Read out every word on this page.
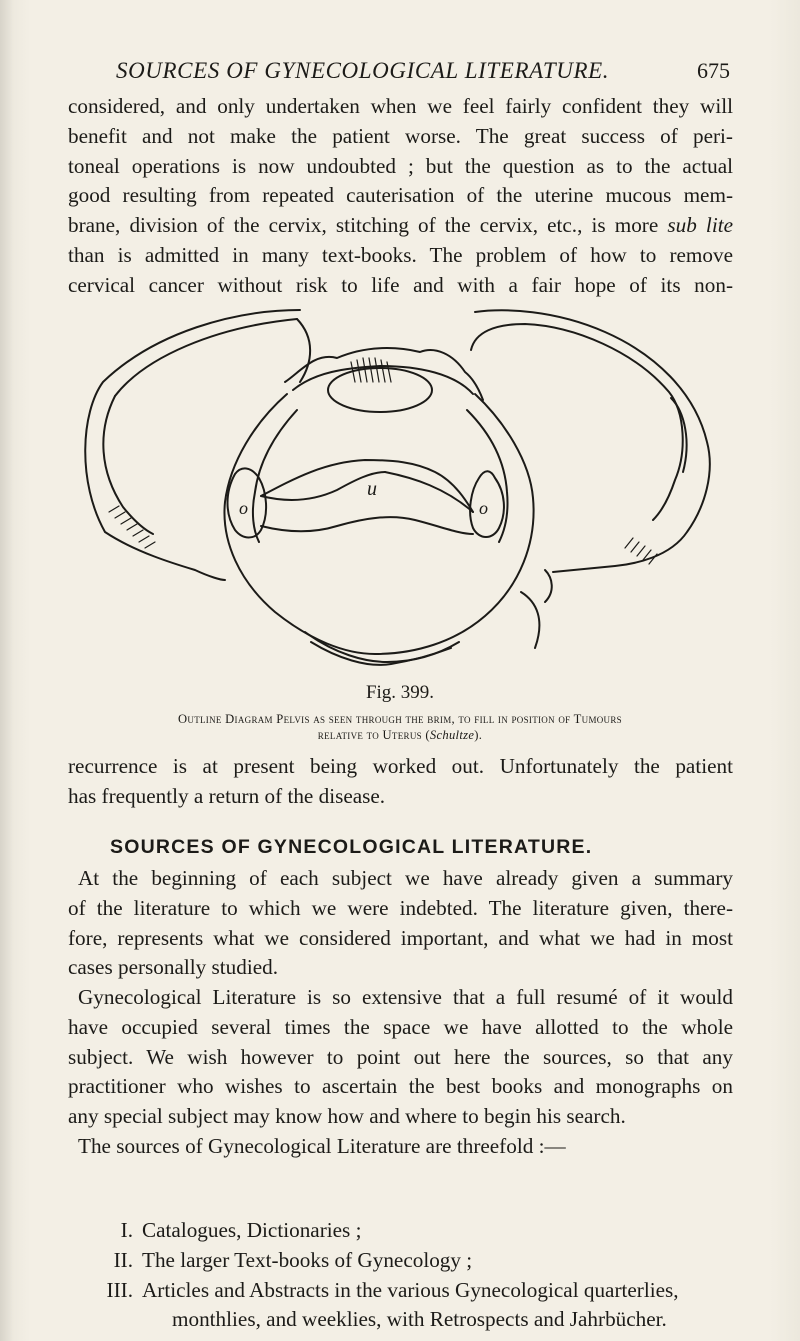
SOURCES OF GYNECOLOGICAL LITERATURE.	675

considered, and only undertaken when we feel fairly confident they will
benefit and not make the patient worse. The great success of peri-
toneal operations is now undoubted ; but the question as to the actual
good resulting from repeated cauterisation of the uterine mucous mem-
brane, division of the cervix, stitching of the cervix, etc., is more sub lite
than is admitted in many text-books. The problem of how to remove
cervical cancer without risk to life and with a fair hope of its non-

u
o	o
Fig. 399.
Outline Diagram Pelvis as seen through the brim, to fill in position of Tumours
relative to Uterus (Schultze).

recurrence is at present being worked out. Unfortunately the patient
has frequently a return of the disease.

SOURCES OF GYNECOLOGICAL LITERATURE.

At the beginning of each subject we have already given a summary
of the literature to which we were indebted. The literature given, there-
fore, represents what we considered important, and what we had in most
cases personally studied.

Gynecological Literature is so extensive that a full resumé of it would
have occupied several times the space we have allotted to the whole
subject. We wish however to point out here the sources, so that any
practitioner who wishes to ascertain the best books and monographs on
any special subject may know how and where to begin his search.
The sources of Gynecological Literature are threefold :—

I. Catalogues, Dictionaries ;
II. The larger Text-books of Gynecology ;
III. Articles and Abstracts in the various Gynecological quarterlies,
monthlies, and weeklies, with Retrospects and Jahrbücher.
